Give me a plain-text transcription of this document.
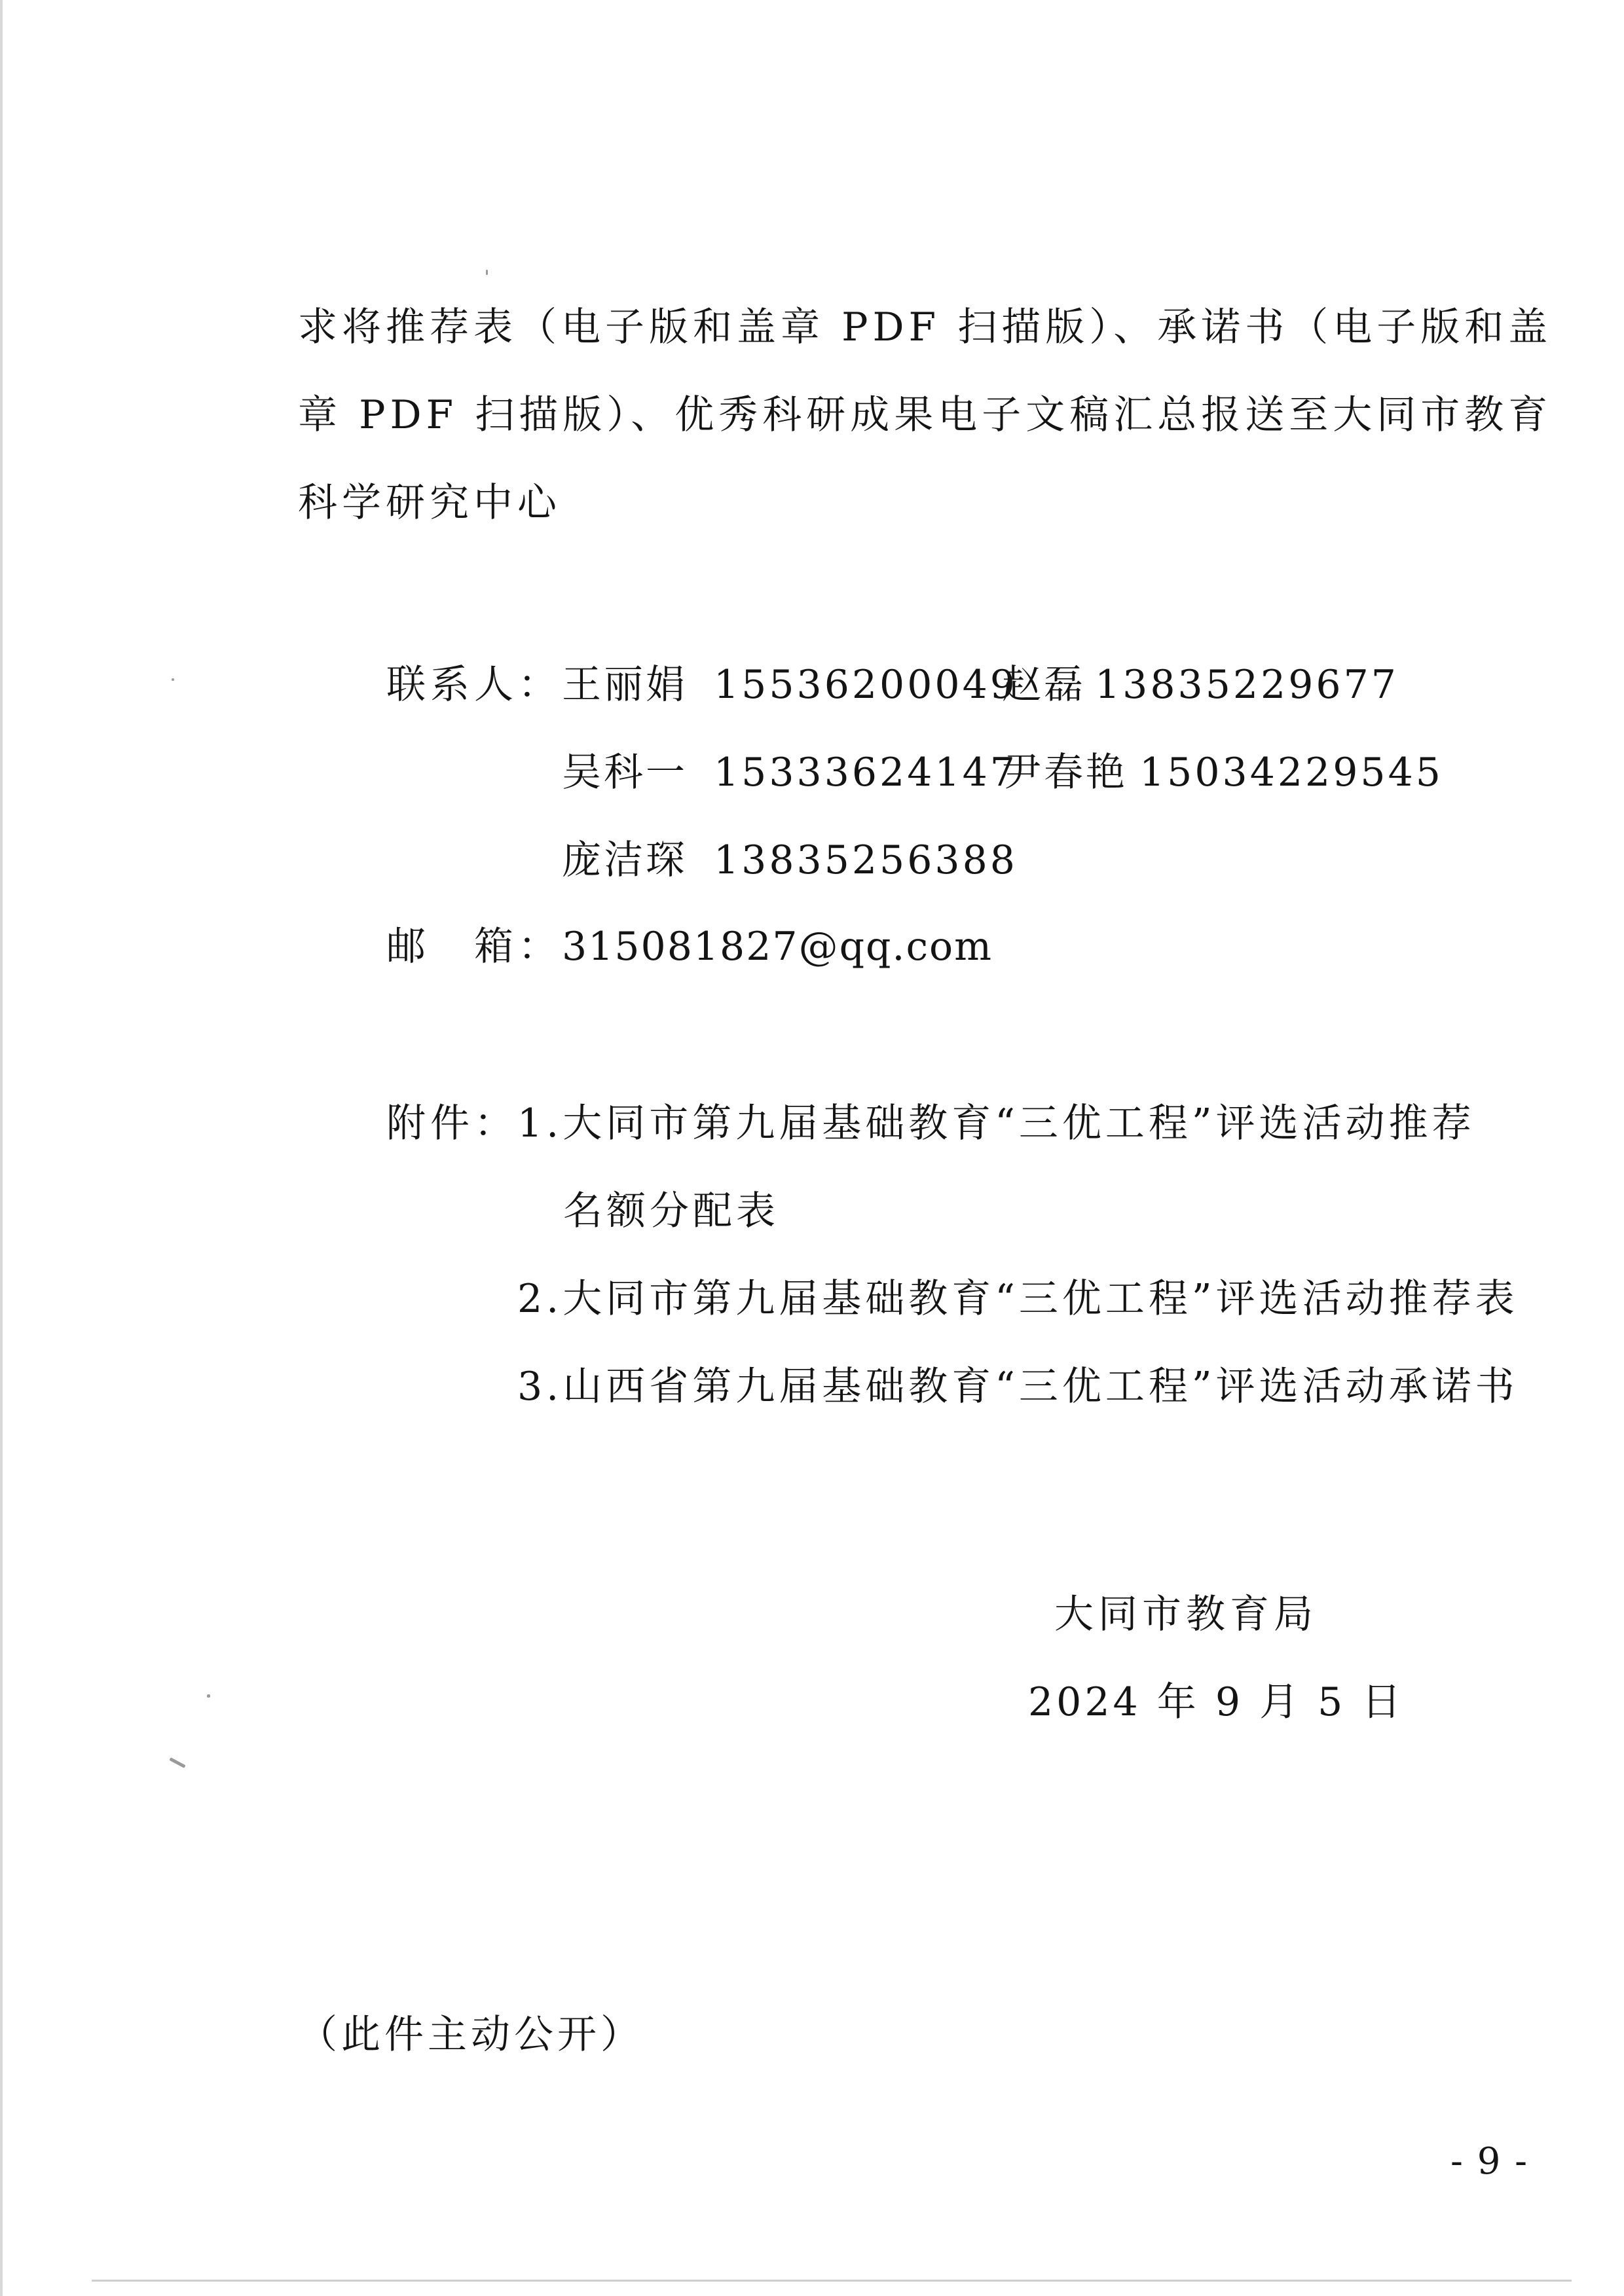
求将推荐表（电子版和盖章 PDF 扫描版）、承诺书（电子版和盖
章 PDF 扫描版）、优秀科研成果电子文稿汇总报送至大同市教育
科学研究中心
联系人： 王丽娟 15536200049
赵磊 13835229677
吴科一 15333624147
尹春艳 15034229545
庞洁琛 13835256388
邮　箱： 315081827@qq.com
附件： 1.大同市第九届基础教育“三优工程”评选活动推荐
名额分配表
2.大同市第九届基础教育“三优工程”评选活动推荐表
3.山西省第九届基础教育“三优工程”评选活动承诺书
大同市教育局
2024 年 9 月 5 日
（此件主动公开）
- 9 -
